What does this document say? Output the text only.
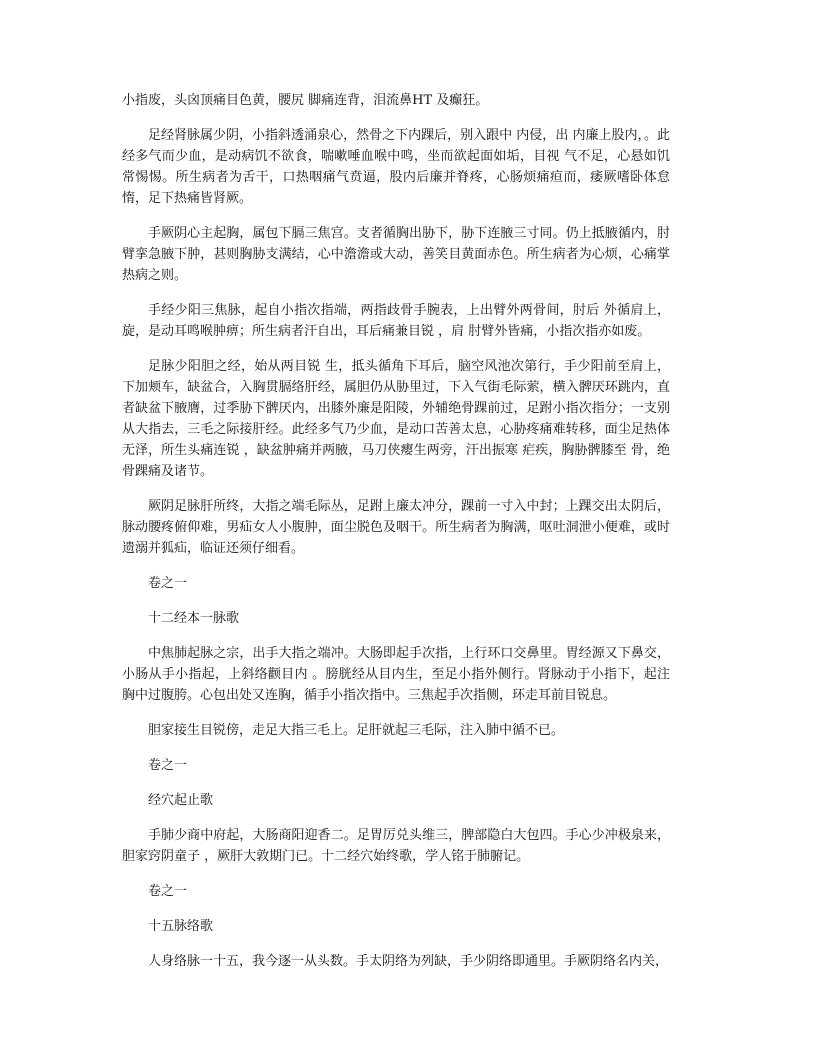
小指废，头囟顶痛目色黄，腰尻 脚痛连背，泪流鼻HT 及癫狂。

足经肾脉属少阴，小指斜透涌泉心，然骨之下内踝后，别入跟中 内侵，出 内廉上股内，。此经多气而少血，是动病饥不欲食，喘嗽唾血喉中鸣，坐而欲起面如垢，目视 气不足，心悬如饥常惕惕。所生病者为舌干，口热咽痛气贲逼，股内后廉并脊疼，心肠烦痛疸而，痿厥嗜卧体怠惰，足下热痛皆肾厥。

手厥阴心主起胸，属包下膈三焦宫。支者循胸出胁下，胁下连腋三寸同。仍上抵腋循内，肘臂挛急腋下肿，甚则胸胁支满结，心中澹澹或大动，善笑目黄面赤色。所生病者为心烦，心痛掌热病之则。

手经少阳三焦脉，起自小指次指端，两指歧骨手腕表，上出臂外两骨间，肘后 外循肩上，旋，是动耳鸣喉肿痹；所生病者汗自出，耳后痛兼目锐 ，肩 肘臂外皆痛，小指次指亦如废。

足脉少阳胆之经，始从两目锐 生，抵头循角下耳后，脑空风池次第行，手少阳前至肩上，下加颊车，缺盆合，入胸贯膈络肝经，属胆仍从胁里过，下入气街毛际萦，横入髀厌环跳内，直者缺盆下腋膺，过季胁下髀厌内，出膝外廉是阳陵，外辅绝骨踝前过，足跗小指次指分；一支别从大指去，三毛之际接肝经。此经多气乃少血，是动口苦善太息，心胁疼痛难转移，面尘足热体无泽，所生头痛连锐 ，缺盆肿痛并两腋，马刀侠瘿生两旁，汗出振寒 疟疾，胸胁髀膝至 骨，绝骨踝痛及诸节。

厥阴足脉肝所终，大指之端毛际丛，足跗上廉太冲分，踝前一寸入中封；上踝交出太阴后，脉动腰疼俯仰难，男疝女人小腹肿，面尘脱色及咽干。所生病者为胸满，呕吐洞泄小便难，或时遗溺并狐疝，临证还须仔细看。

卷之一

十二经本一脉歌

中焦肺起脉之宗，出手大指之端冲。大肠即起手次指，上行环口交鼻里。胃经源又下鼻交，小肠从手小指起，上斜络颧目内 。膀胱经从目内生，至足小指外侧行。肾脉动于小指下，起注胸中过腹胯。心包出处又连胸，循手小指次指中。三焦起手次指侧，环走耳前目锐息。

胆家接生目锐傍，走足大指三毛上。足肝就起三毛际，注入肺中循不已。

卷之一

经穴起止歌

手肺少商中府起，大肠商阳迎香二。足胃厉兑头维三，脾部隐白大包四。手心少冲极泉来，胆家窍阴童子 ，厥肝大敦期门已。十二经穴始终歌，学人铭于肺腑记。

卷之一

十五脉络歌

人身络脉一十五，我今逐一从头数。手太阴络为列缺，手少阴络即通里。手厥阴络名内关，
